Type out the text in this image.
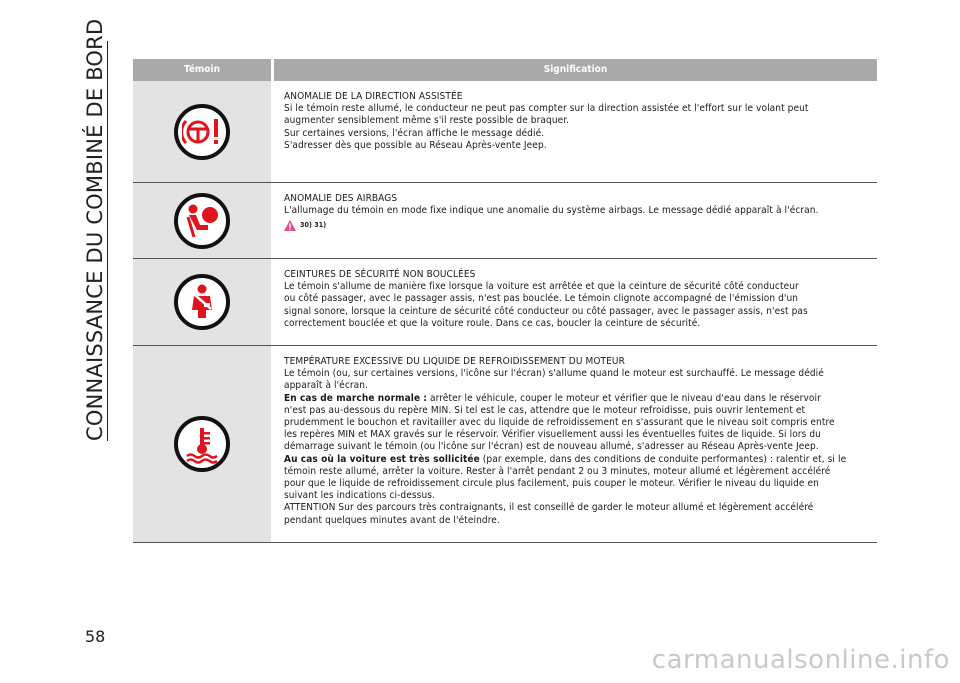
CONNAISSANCE DU COMBINÉ DE BORD	Témoin	Signification
ANOMALIE DE LA DIRECTION ASSISTÉE
Si le témoin reste allumé, le conducteur ne peut pas compter sur la direction assistée et l'effort sur le volant peut
augmenter sensiblement même s'il reste possible de braquer.
Sur certaines versions, l'écran affiche le message dédié.
S'adresser dès que possible au Réseau Après-vente Jeep.
ANOMALIE DES AIRBAGS
L'allumage du témoin en mode fixe indique une anomalie du système airbags. Le message dédié apparaît à l'écran.
30) 31)
CEINTURES DE SÉCURITÉ NON BOUCLÉES
Le témoin s'allume de manière fixe lorsque la voiture est arrêtée et que la ceinture de sécurité côté conducteur
ou côté passager, avec le passager assis, n'est pas bouclée. Le témoin clignote accompagné de l'émission d'un
signal sonore, lorsque la ceinture de sécurité côté conducteur ou côté passager, avec le passager assis, n'est pas
correctement bouclée et que la voiture roule. Dans ce cas, boucler la ceinture de sécurité.
TEMPÉRATURE EXCESSIVE DU LIQUIDE DE REFROIDISSEMENT DU MOTEUR
Le témoin (ou, sur certaines versions, l'icône sur l'écran) s'allume quand le moteur est surchauffé. Le message dédié
apparaît à l'écran.
En cas de marche normale : arrêter le véhicule, couper le moteur et vérifier que le niveau d'eau dans le réservoir
n'est pas au-dessous du repère MIN. Si tel est le cas, attendre que le moteur refroidisse, puis ouvrir lentement et
prudemment le bouchon et ravitailler avec du liquide de refroidissement en s'assurant que le niveau soit compris entre
les repères MIN et MAX gravés sur le réservoir. Vérifier visuellement aussi les éventuelles fuites de liquide. Si lors du
démarrage suivant le témoin (ou l'icône sur l'écran) est de nouveau allumé, s'adresser au Réseau Après-vente Jeep.
Au cas où la voiture est très sollicitée (par exemple, dans des conditions de conduite performantes) : ralentir et, si le
témoin reste allumé, arrêter la voiture. Rester à l'arrêt pendant 2 ou 3 minutes, moteur allumé et légèrement accéléré
pour que le liquide de refroidissement circule plus facilement, puis couper le moteur. Vérifier le niveau du liquide en
suivant les indications ci-dessus.
ATTENTION Sur des parcours très contraignants, il est conseillé de garder le moteur allumé et légèrement accéléré
pendant quelques minutes avant de l'éteindre.
58
carmanualsonline.info
